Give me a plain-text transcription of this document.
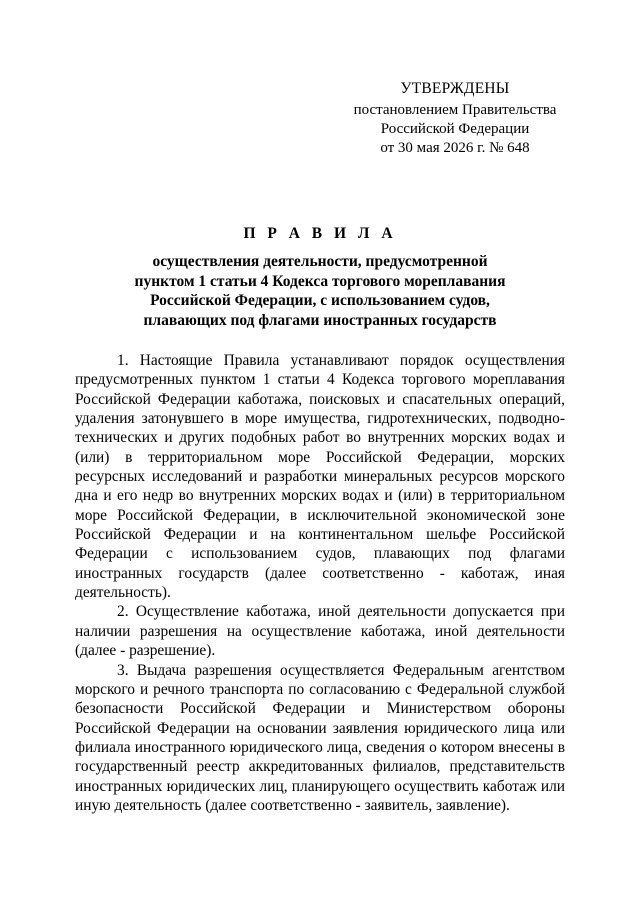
УТВЕРЖДЕНЫ
постановлением Правительства
Российской Федерации
от 30 мая 2026 г. № 648
П Р А В И Л А
осуществления деятельности, предусмотренной
пунктом 1 статьи 4 Кодекса торгового мореплавания
Российской Федерации, с использованием судов,
плавающих под флагами иностранных государств

1. Настоящие Правила устанавливают порядок осуществления предусмотренных пунктом 1 статьи 4 Кодекса торгового мореплавания Российской Федерации каботажа, поисковых и спасательных операций, удаления затонувшего в море имущества, гидротехнических, подводно-технических и других подобных работ во внутренних морских водах и (или) в территориальном море Российской Федерации, морских ресурсных исследований и разработки минеральных ресурсов морского дна и его недр во внутренних морских водах и (или) в территориальном море Российской Федерации, в исключительной экономической зоне Российской Федерации и на континентальном шельфе Российской Федерации с использованием судов, плавающих под флагами иностранных государств (далее соответственно - каботаж, иная деятельность).

2. Осуществление каботажа, иной деятельности допускается при наличии разрешения на осуществление каботажа, иной деятельности (далее - разрешение).

3. Выдача разрешения осуществляется Федеральным агентством морского и речного транспорта по согласованию с Федеральной службой безопасности Российской Федерации и Министерством обороны Российской Федерации на основании заявления юридического лица или филиала иностранного юридического лица, сведения о котором внесены в государственный реестр аккредитованных филиалов, представительств иностранных юридических лиц, планирующего осуществить каботаж или иную деятельность (далее соответственно - заявитель, заявление).
